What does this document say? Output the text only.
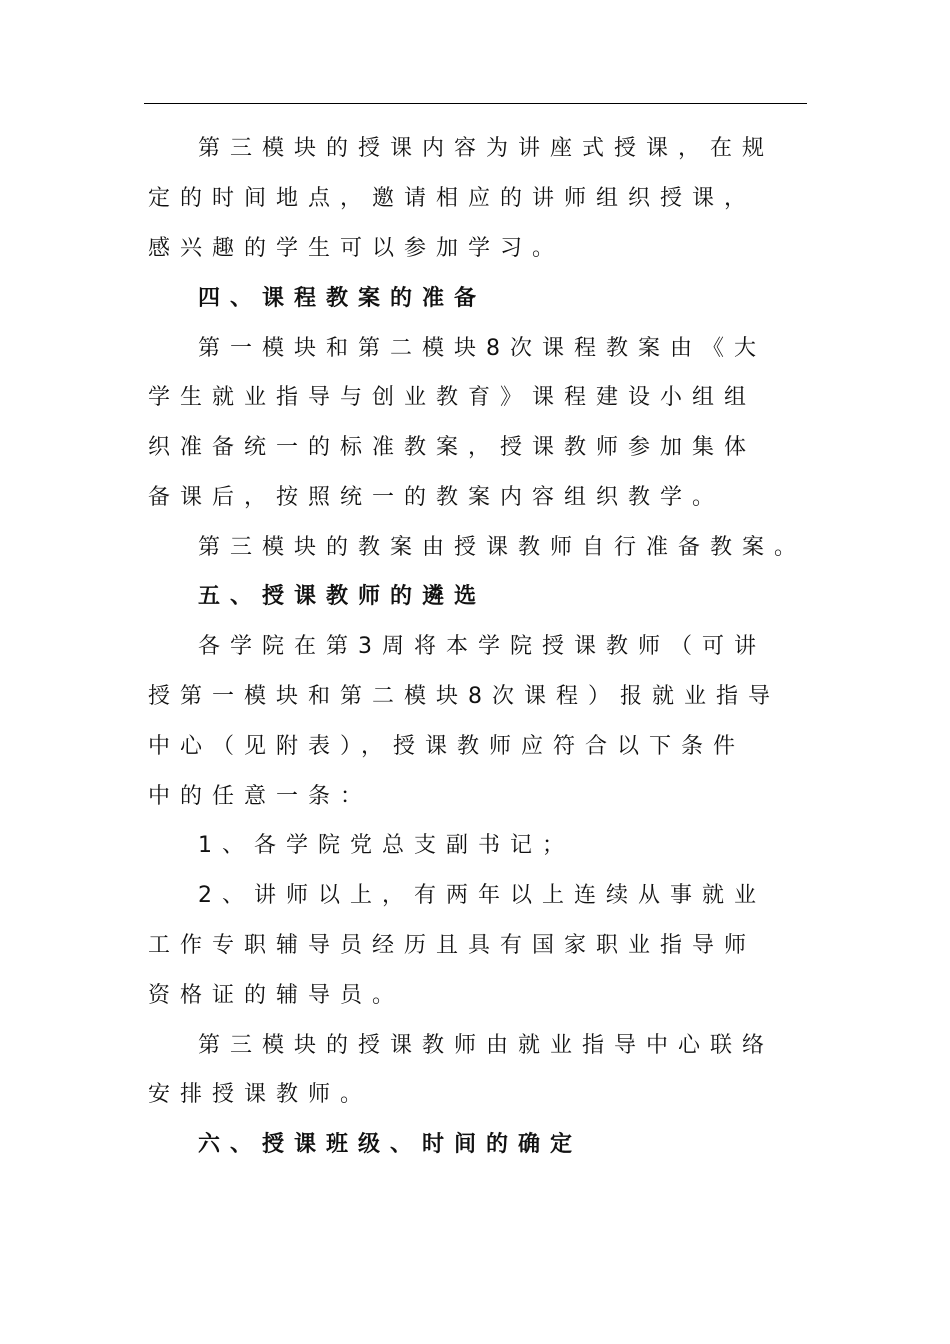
第三模块的授课内容为讲座式授课，在规
定的时间地点，邀请相应的讲师组织授课，
感兴趣的学生可以参加学习。
四、课程教案的准备
第一模块和第二模块8次课程教案由《大
学生就业指导与创业教育》课程建设小组组
织准备统一的标准教案，授课教师参加集体
备课后，按照统一的教案内容组织教学。
第三模块的教案由授课教师自行准备教案。
五、授课教师的遴选
各学院在第3周将本学院授课教师（可讲
授第一模块和第二模块8次课程）报就业指导
中心（见附表），授课教师应符合以下条件
中的任意一条：
1、各学院党总支副书记；
2、讲师以上，有两年以上连续从事就业
工作专职辅导员经历且具有国家职业指导师
资格证的辅导员。
第三模块的授课教师由就业指导中心联络
安排授课教师。
六、授课班级、时间的确定
